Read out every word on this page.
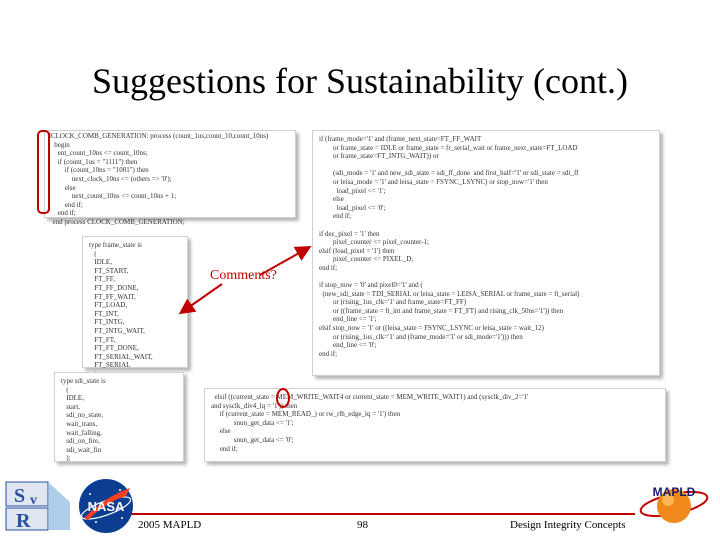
Suggestions for Sustainability (cont.)
lCLOCK_COMB_GENERATION: process (count_1us,count_10,count_10ns)
begin
ent_count_10ns <= count_10ns;
if (count_1us = "1111") then
if (count_10ns = "1001") then
next_clock_10ns <= (others => '0');
else
next_count_10ns <= count_10ns + 1;
end if;
end if;
end process CLOCK_COMB_GENERATION;
type frame_state is
(
IDLE,
FT_START,
FT_FF,
FT_FF_DONE,
FT_FF_WAIT,
FT_LOAD,
FT_INT,
FT_INTG,
FT_INTG_WAIT,
FT_FT,
FT_FT_DONE,
FT_SERIAL_WAIT,
FT_SERIAL

type sdi_state is
(
IDLE,
start,
sdi_no_state,
wait_trans,
wait_falling,
sdi_on_fire,
sdi_wait_fin
);
if (frame_mode='1' and (frame_next_state=FT_FF_WAIT
or frame_state = IDLE or frame_state = fr_serial_wait or frame_next_state=FT_LOAD
or frame_state=FT_INTG_WAIT)) or

(sdi_mode = '1' and new_sdi_state = sdi_ff_done  and first_half='1' or sdi_state = sdi_ff
or leisa_mode = '1' and leisa_state = FSYNC_LSYNC) or stop_now='1' then
load_pixel <= '1';
else
load_pixel <= '0';
end if;

if dec_pixel = '1' then
pixel_counter <= pixel_counter-1;
elsif (load_pixel = '1') then
pixel_counter <= PIXEL_D;
end if;

if stop_now = '0' and pixel0='1' and (
(new_sdi_state = TDI_SERIAL or leisa_state = LEISA_SERIAL or frame_state = ft_serial)
or (rising_1us_clk='1' and frame_state=FT_FF)
or ((frame_state = ft_int and frame_state = FT_FT) and rising_clk_50ns='1')) then
end_line <= '1';
elsif stop_now = '1' or ((leisa_state = FSYNC_LSYNC or leisa_state = wait_12)
or (rising_1us_clk='1' and (frame_mode='1' or sdi_mode='1'))) then
end_line <= '0';
end if;
elsif ((current_state = MEM_WRITE_WAIT4 or current_state = MEM_WRITE_WAIT1) and (sysclk_div_2='1'
and sysclk_div4_lq = '1')) then
if (current_state = MEM_READ_) or rw_rlh_edge_lq = '1') then
snun_get_data <= '1';
else
snun_get_data <= '0';
end if;
Comments?
S v
R
NASA
MAPLD
2005 MAPLD	98	Design Integrity Concepts
